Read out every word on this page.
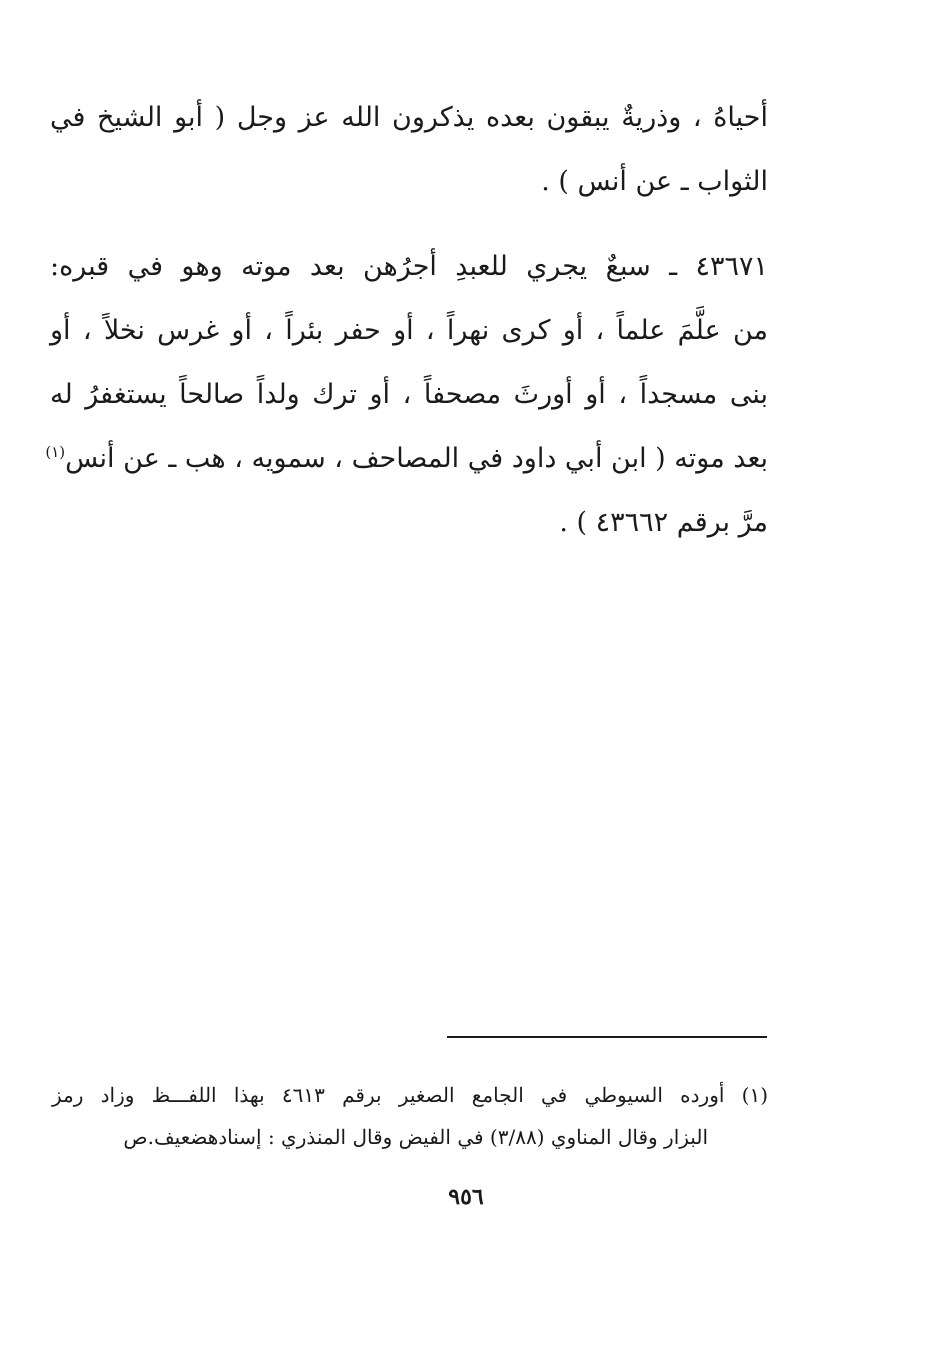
أحياهُ ، وذريةٌ يبقون بعده يذكرون الله عز وجل ( أبو الشيخ في
الثواب ـ عن أنس ) .
٤٣٦٧١ ـ سبعٌ يجري للعبدِ أجرُهن بعد موته وهو في قبره:
من علَّمَ علماً ، أو كرى نهراً ، أو حفر بئراً ، أو غرس نخلاً ، أو
بنى مسجداً ، أو أورثَ مصحفاً ، أو ترك ولداً صالحاً يستغفرُ له
بعد موته ( ابن أبي داود في المصاحف ، سمويه ، هب ـ عن أنس$^{(١)}$
مرَّ برقم ٤٣٦٦٢ ) .
(١) أورده السيوطي في الجامع الصغير برقم ٤٦١٣ بهذا اللفـــظ وزاد رمز
البزار وقال المناوي (٣/٨٨) في الفيض وقال المنذري : إسنادهضعيف.ص
٩٥٦
